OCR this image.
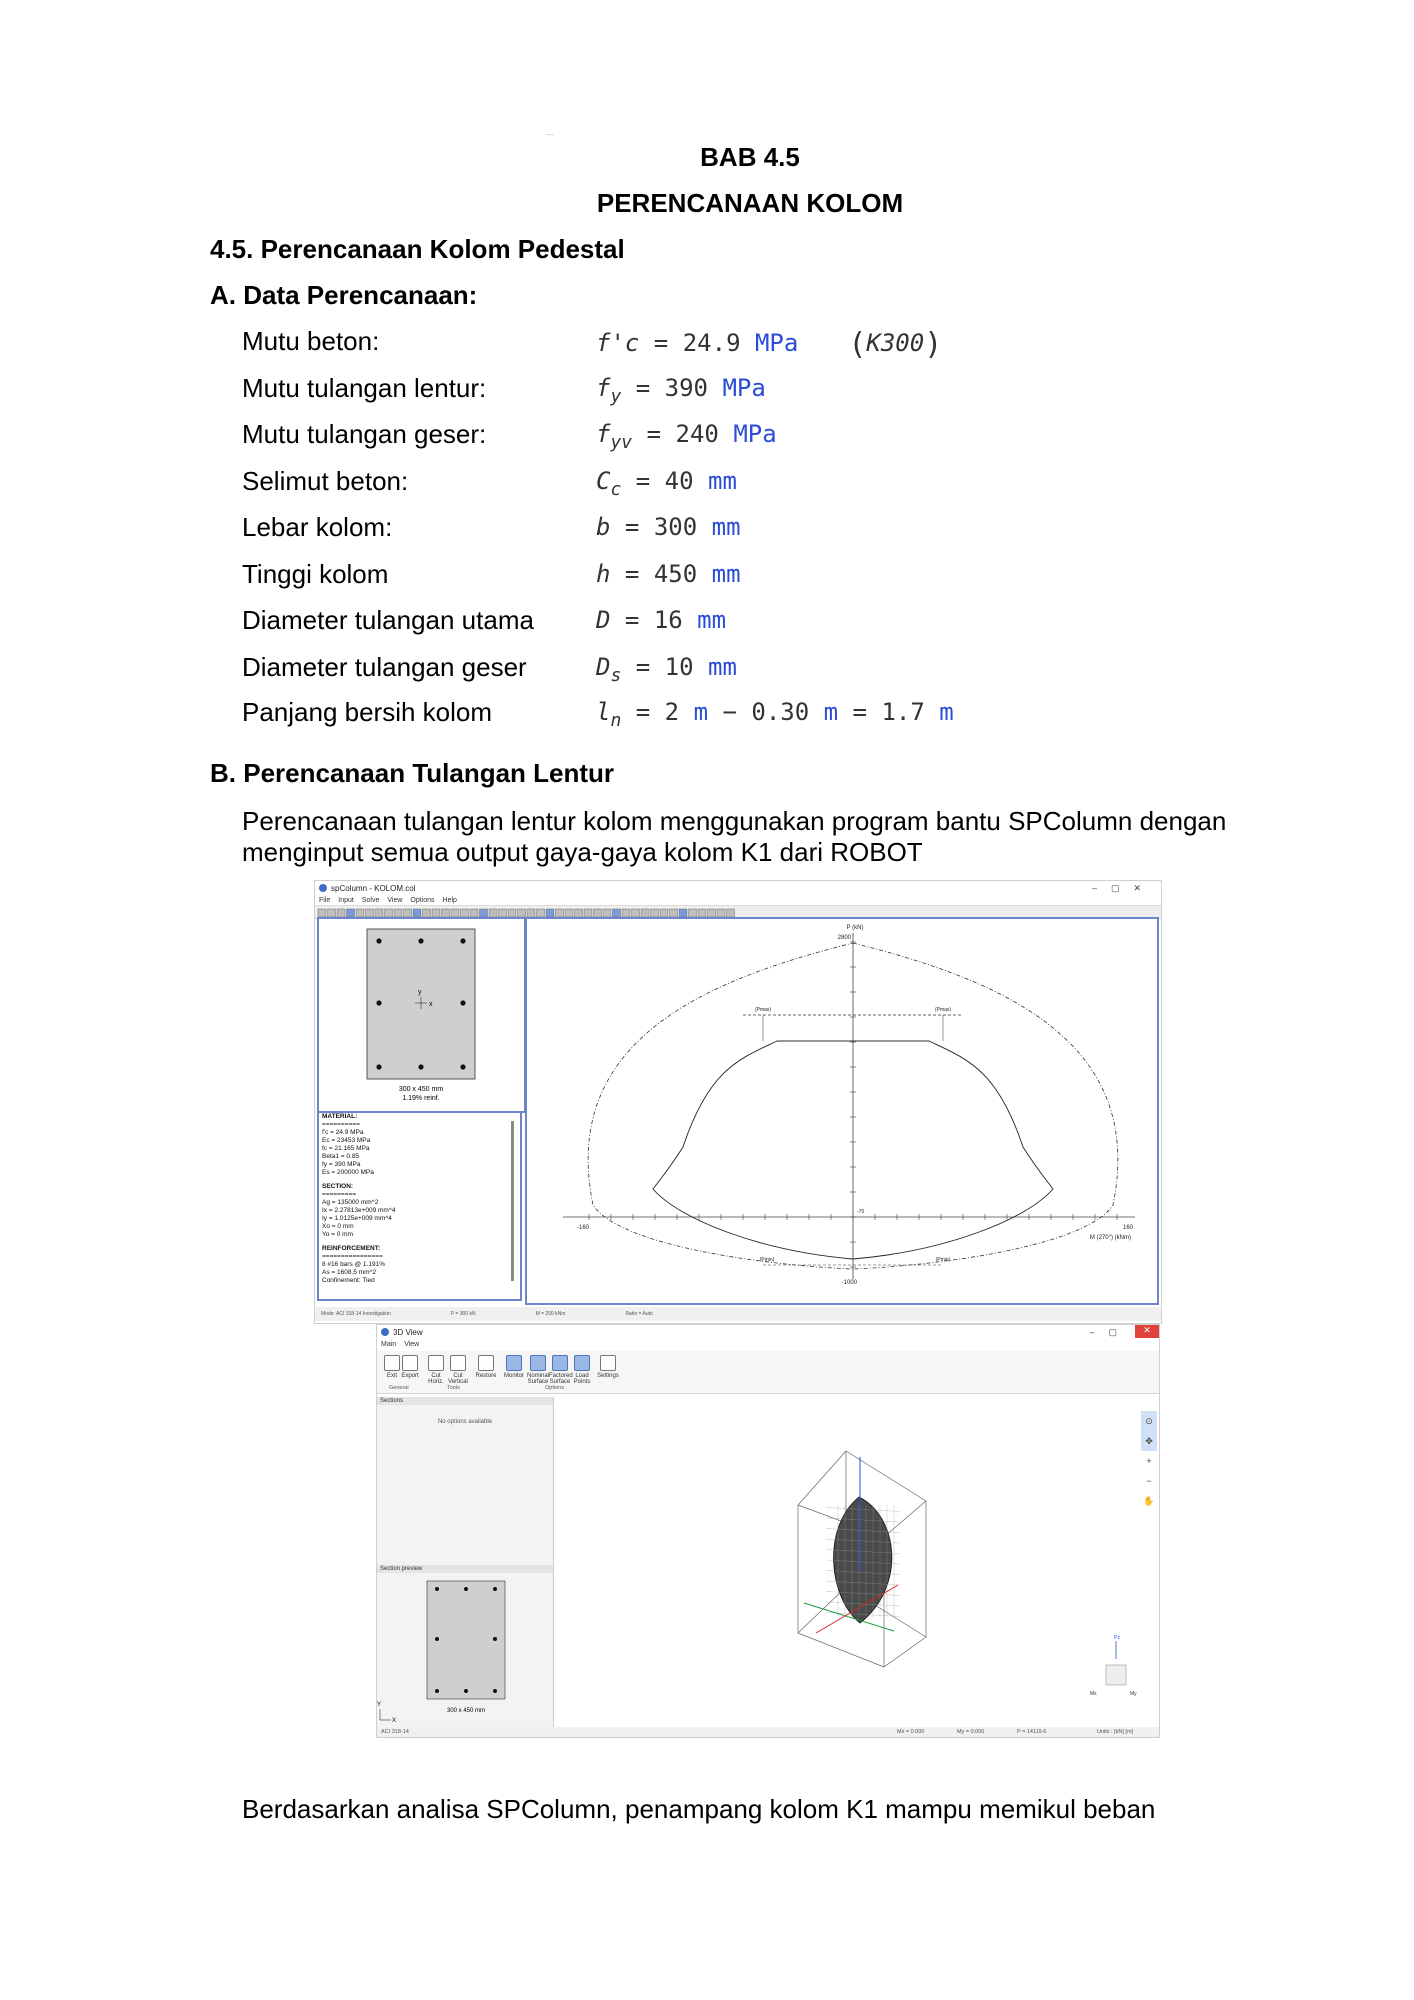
—
BAB 4.5
PERENCANAAN KOLOM
4.5. Perencanaan Kolom Pedestal
A. Data Perencanaan:
Mutu beton:	f'c = 24.9 MPa (K300)
Mutu tulangan lentur:	$f_y = 390$ MPa
Mutu tulangan geser:	$f_{yv} = 240$ MPa
Selimut beton:	$C_c = 40$ mm
Lebar kolom:	b = 300 mm
Tinggi kolom	h = 450 mm
Diameter tulangan utama	D = 16 mm
Diameter tulangan geser	$D_s = 10$ mm
Panjang bersih kolom	$l_n = 2$ m − 0.30 m = 1.7 m
B. Perencanaan Tulangan Lentur
Perencanaan tulangan lentur kolom menggunakan program bantu SPColumn dengan menginput semua output gaya-gaya kolom K1 dari ROBOT
spColumn - KOLOM.col	–▢✕
File Input Solve View Options Help
y
x
300 x 450 mm
1.19% reinf.
MATERIAL:
==========
f'c = 24.9 MPa
Ec = 23453 MPa
fc = 21.165 MPa
Beta1 = 0.85
fy = 390 MPa
Es = 200000 MPa
SECTION:
=========
Ag = 135000 mm^2
Ix = 2.27813e+009 mm^4
Iy = 1.0125e+009 mm^4
Xo = 0 mm
Yo = 0 mm
REINFORCEMENT:
================
8 #16 bars @ 1.191%
As = 1608.5 mm^2
Confinement: Tied
P (kN)
2800
-1000
-160	160
-70
M (270°) (kNm)
(Pmax)	(Pmax)
(Pmin)	(Pmin)
Mode: ACI 318-14 Investigation	P = 300 kN	M = 200 kNm	Ratio = Auto
3D View	–▢	✕
Main View
Exit Export	Cut Horiz.
Cut Vertical
Restore Monitor Nominal Surface
Factored Surface
Load Points
Settings
General	Tools	Options
Sections
No options available
Section preview
Y
X
300 x 450 mm
Pz
Mx	My
⊙
✥
+
−
✋
ACI 318-14	Mx = 0.000	My = 0.000	P = 14119.6	Units : [kN] [m]
Berdasarkan analisa SPColumn, penampang kolom K1 mampu memikul beban
